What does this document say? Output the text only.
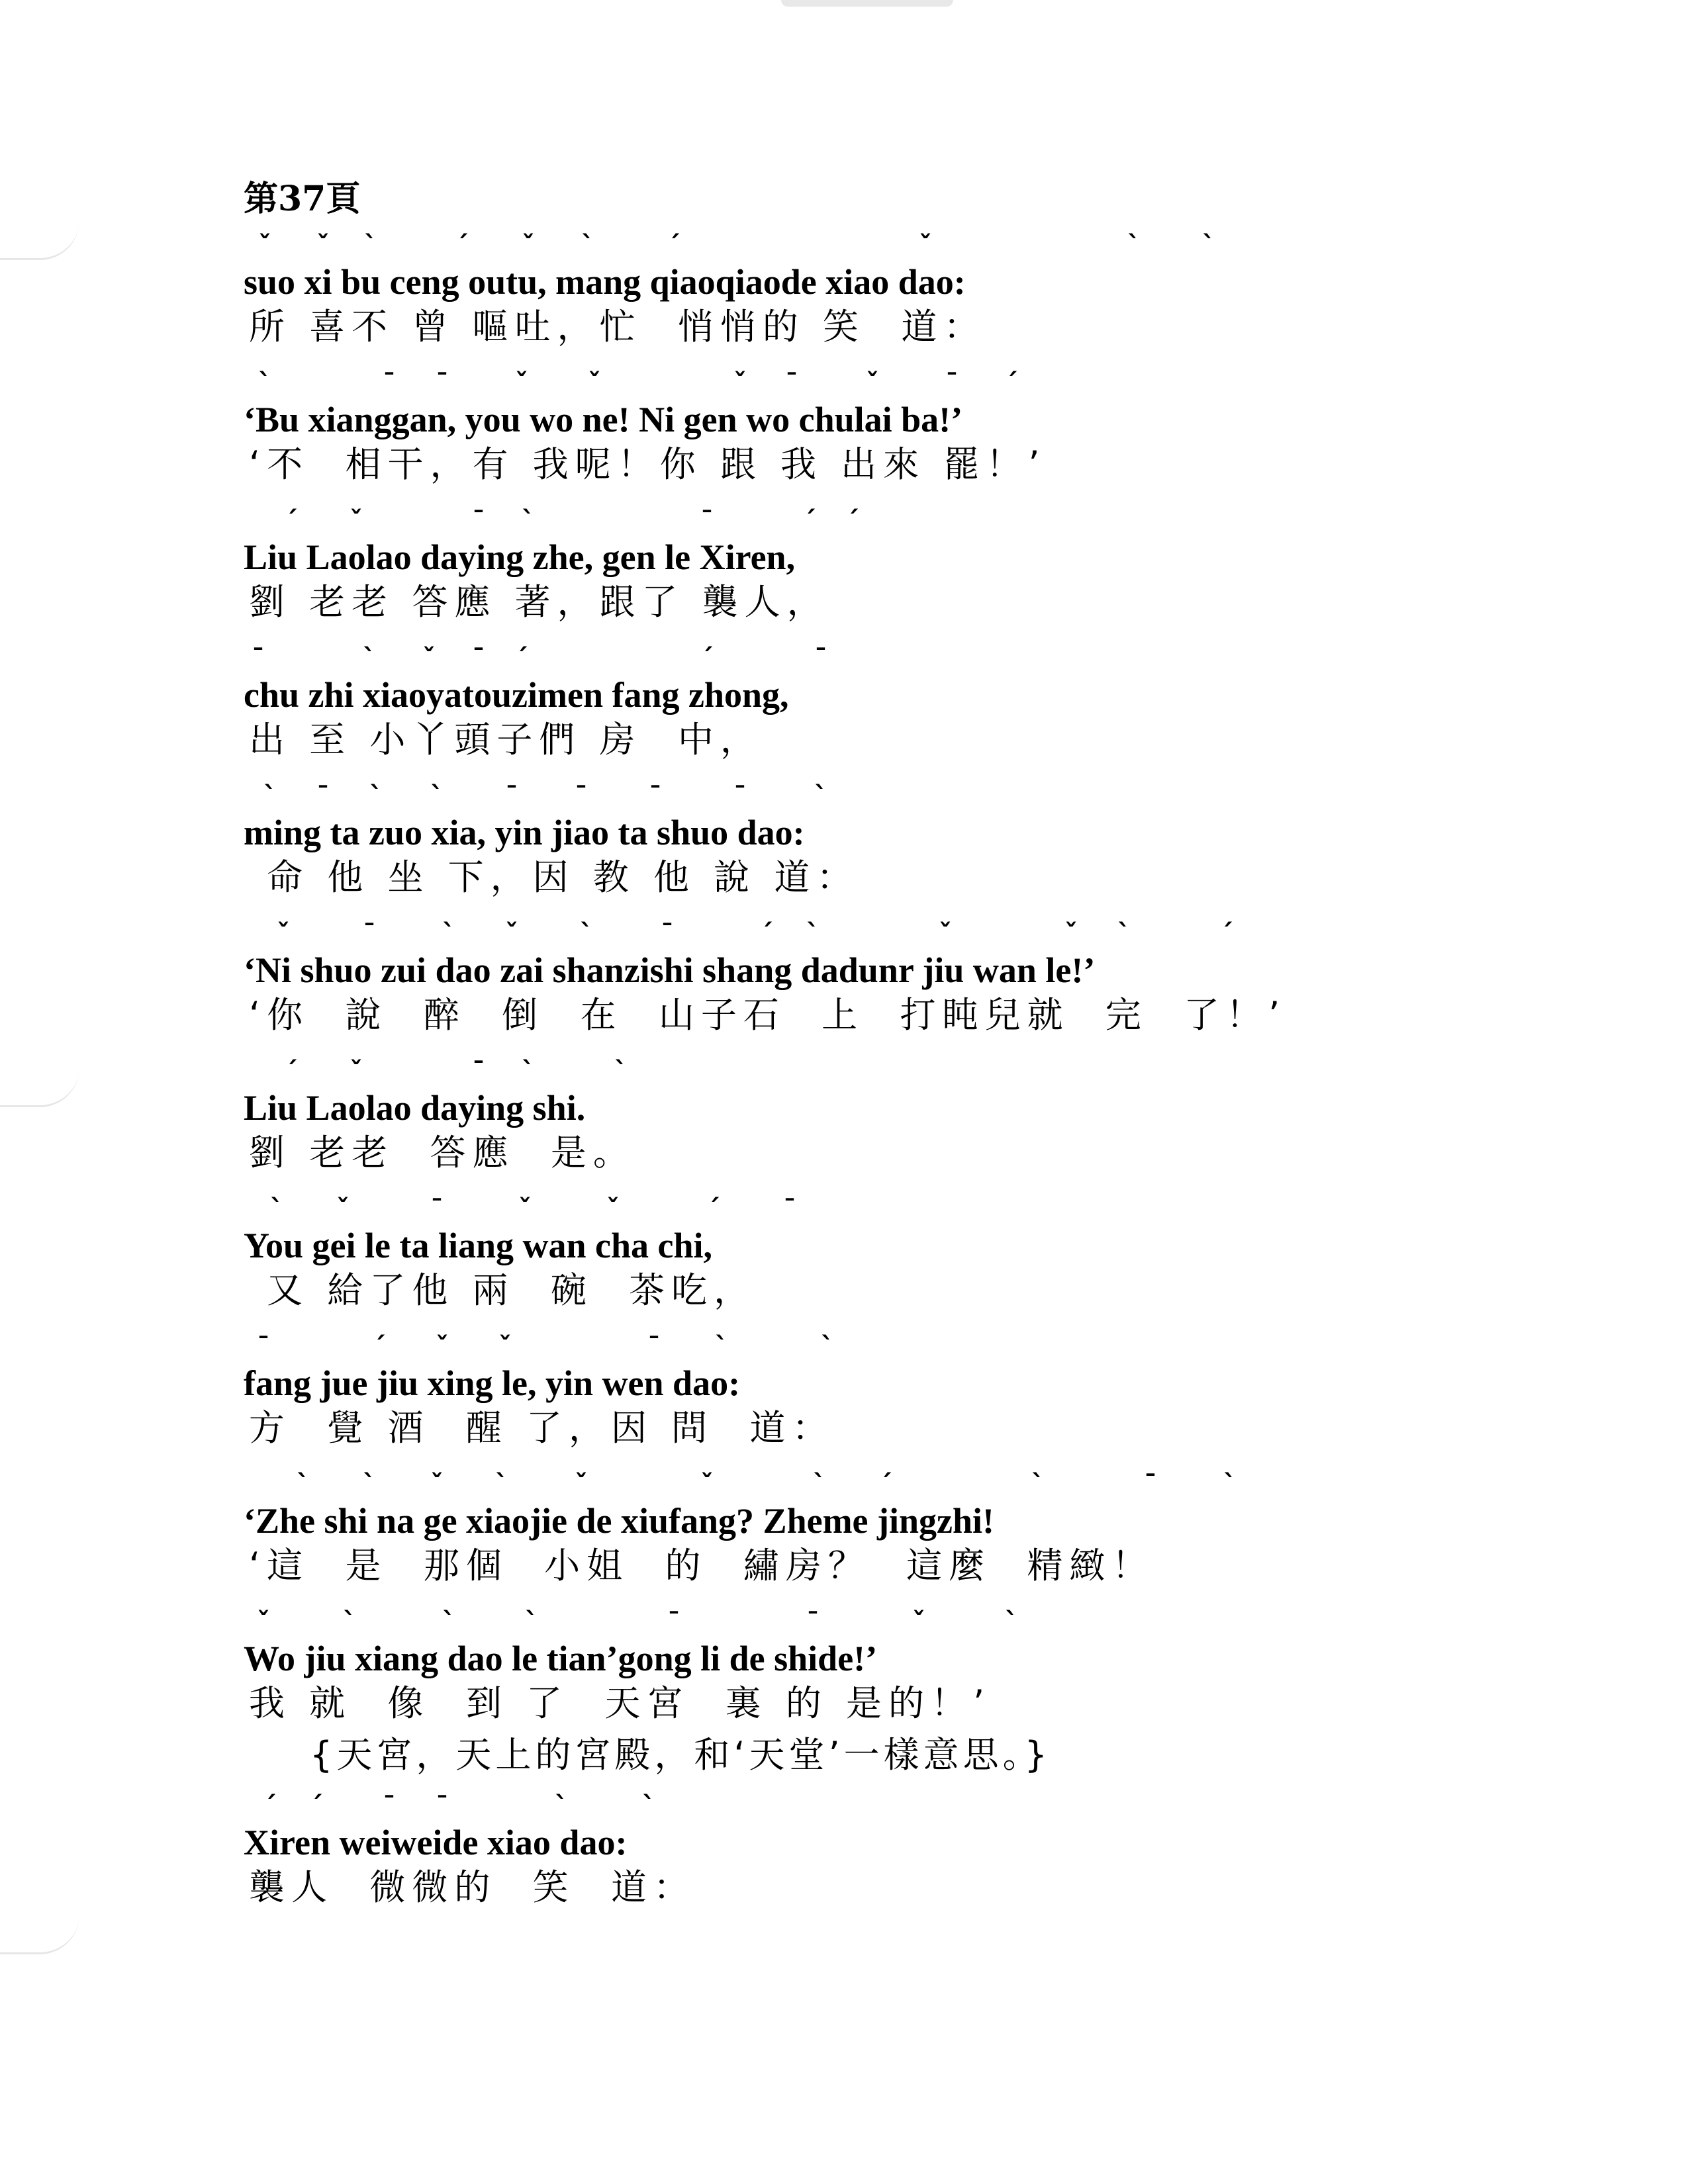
第37頁
ˇ ˇ ˋ	ˊ ˇ ˋ	ˊ	ˇ	ˋ ˋ
suo xi bu ceng outu, mang qiaoqiaode xiao dao:
所 喜不 曾 嘔吐，忙  悄悄的 笑  道：
ˋ	ˉ ˉ	ˇ ˇ	ˇ ˉ	ˇ	ˉ ˊ
‘Bu xianggan, you wo ne! Ni gen wo chulai ba!’
‘不  相干，有 我呢！你 跟 我 出來 罷！’
ˊ ˇ	ˉ ˋ	ˉ	ˊ ˊ
Liu Laolao daying zhe, gen le Xiren,
劉 老老 答應 著，跟了 襲人，
ˉ	ˋ ˇ ˉ ˊ	ˊ	ˉ
chu zhi xiaoyatouzimen fang zhong,
出 至 小丫頭子們 房  中，
ˋ ˉ ˋ ˋ ˉ ˉ ˉ	ˉ	ˋ
ming ta zuo xia, yin jiao ta shuo dao:
命 他 坐 下，因 教 他 說 道：
ˇ	ˉ	ˋ ˇ ˋ	ˉ	ˊ ˋ	ˇ	ˇ ˋ	ˊ
‘Ni shuo zui dao zai shanzishi shang dadunr jiu wan le!’
‘你  說  醉  倒  在  山子石  上  打盹兒就  完  了！’
ˊ ˇ	ˉ ˋ	ˋ
Liu Laolao daying shi.
劉 老老  答應  是。
ˋ ˇ	ˉ	ˇ	ˇ	ˊ ˉ
You gei le ta liang wan cha chi,
又 給了他 兩  碗  茶吃，
ˉ	ˊ ˇ ˇ	ˉ ˋ	ˋ
fang jue jiu xing le, yin wen dao:
方  覺 酒  醒 了，因 問  道：
ˋ ˋ ˇ ˋ	ˇ	ˇ	ˋ ˊ	ˋ	ˉ	ˋ
‘Zhe shi na ge xiaojie de xiufang? Zheme jingzhi!
‘這  是  那個  小姐  的  繡房？  這麼  精緻！
ˇ	ˋ	ˋ	ˋ	ˉ	ˉ	ˇ	ˋ
Wo jiu xiang dao le tian’gong li de shide!’
我 就  像  到 了  天宮  裏 的 是的！’
{天宮，天上的宮殿，和‘天堂’一樣意思。}
ˊ ˊ ˉ ˉ	ˋ	ˋ
Xiren weiweide xiao dao:
襲人  微微的  笑  道：
